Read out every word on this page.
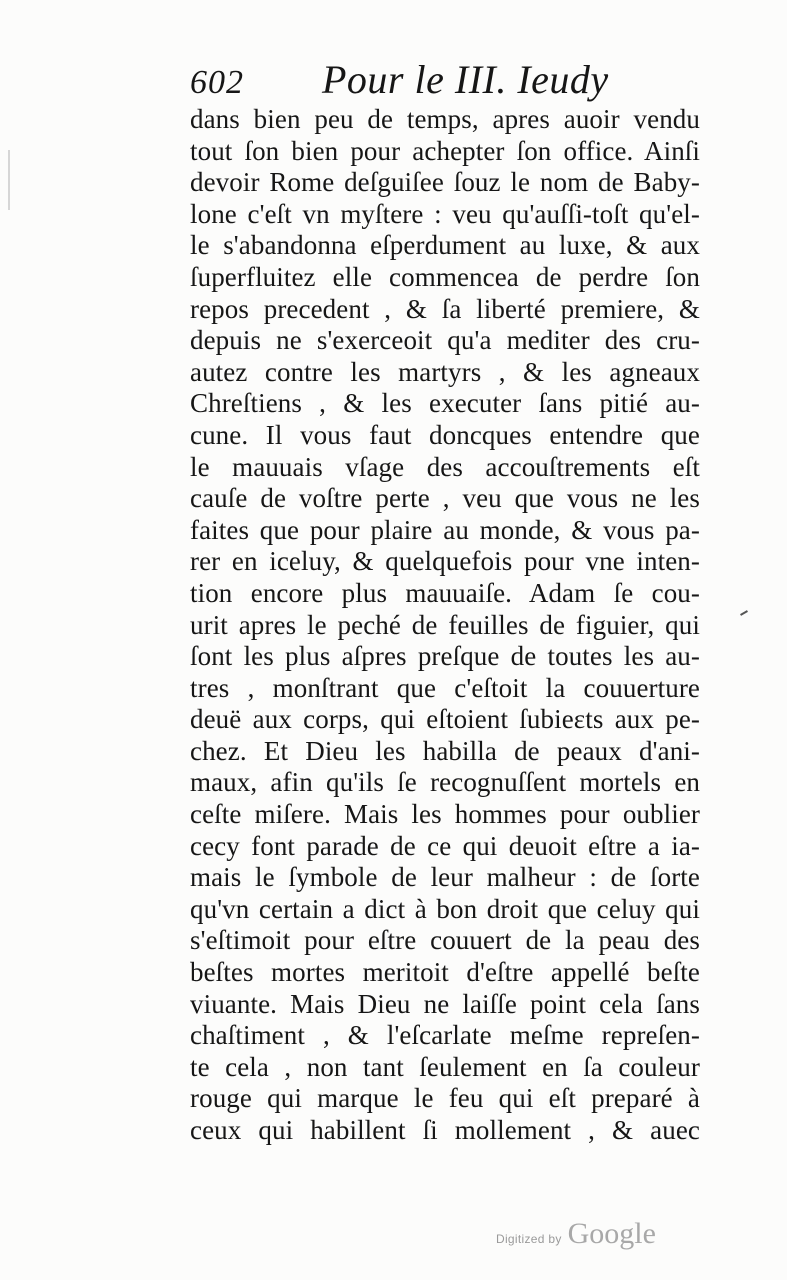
602 Pour le III. Ieudy
dans bien peu de temps, apres auoir vendu
tout ſon bien pour achepter ſon office. Ainſi
devoir Rome deſguiſee ſouz le nom de Baby-
lone c'eſt vn myſtere : veu qu'auſſi-toſt qu'el-
le s'abandonna eſperdument au luxe, & aux
ſuperfluitez elle commencea de perdre ſon
repos precedent , & ſa liberté premiere, &
depuis ne s'exerceoit qu'a mediter des cru-
autez contre les martyrs , & les agneaux
Chreſtiens , & les executer ſans pitié au-
cune. Il vous faut doncques entendre que
le mauuais vſage des accouſtrements eſt
cauſe de voſtre perte , veu que vous ne les
faites que pour plaire au monde, & vous pa-
rer en iceluy, & quelquefois pour vne inten-
tion encore plus mauuaiſe. Adam ſe cou-
urit apres le peché de feuilles de figuier, qui
ſont les plus aſpres preſque de toutes les au-
tres , monſtrant que c'eſtoit la couuerture
deuë aux corps, qui eſtoient ſubieɛts aux pe-
chez. Et Dieu les habilla de peaux d'ani-
maux, afin qu'ils ſe recognuſſent mortels en
ceſte miſere. Mais les hommes pour oublier
cecy font parade de ce qui deuoit eſtre a ia-
mais le ſymbole de leur malheur : de ſorte
qu'vn certain a dict à bon droit que celuy qui
s'eſtimoit pour eſtre couuert de la peau des
beſtes mortes meritoit d'eſtre appellé beſte
viuante. Mais Dieu ne laiſſe point cela ſans
chaſtiment , & l'eſcarlate meſme repreſen-
te cela , non tant ſeulement en ſa couleur
rouge qui marque le feu qui eſt preparé à
ceux qui habillent ſi mollement , & auec
Digitized by Google
